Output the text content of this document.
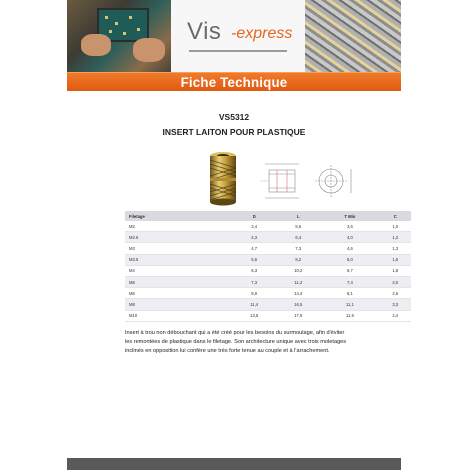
Vis -express
Fiche Technique
VS5312
INSERT LAITON POUR PLASTIQUE
Filetage	D	L	T Min	C
M2	3,4	5,5	3,6	1,0
M2.5	4,3	6,4	4,0	1,2
M3	4,7	7,3	4,6	1,3
M3.5	5,5	8,2	6,0	1,6
M4	6,3	10,2	6,7	1,8
M5	7,3	11,2	7,4	2,0
M6	9,9	14,4	8,1	2,6
M8	11,4	16,5	11,1	3,3
M10	13,8	17,9	11,9	2,4

Insert à trou non débouchant qui a été créé pour les besoins du surmoulage, afin d'éviter les remontées de plastique dans le filetage. Son architecture unique avec trois moletages inclinés en opposition lui confère une très forte tenue au couple et à l'arrachement.
